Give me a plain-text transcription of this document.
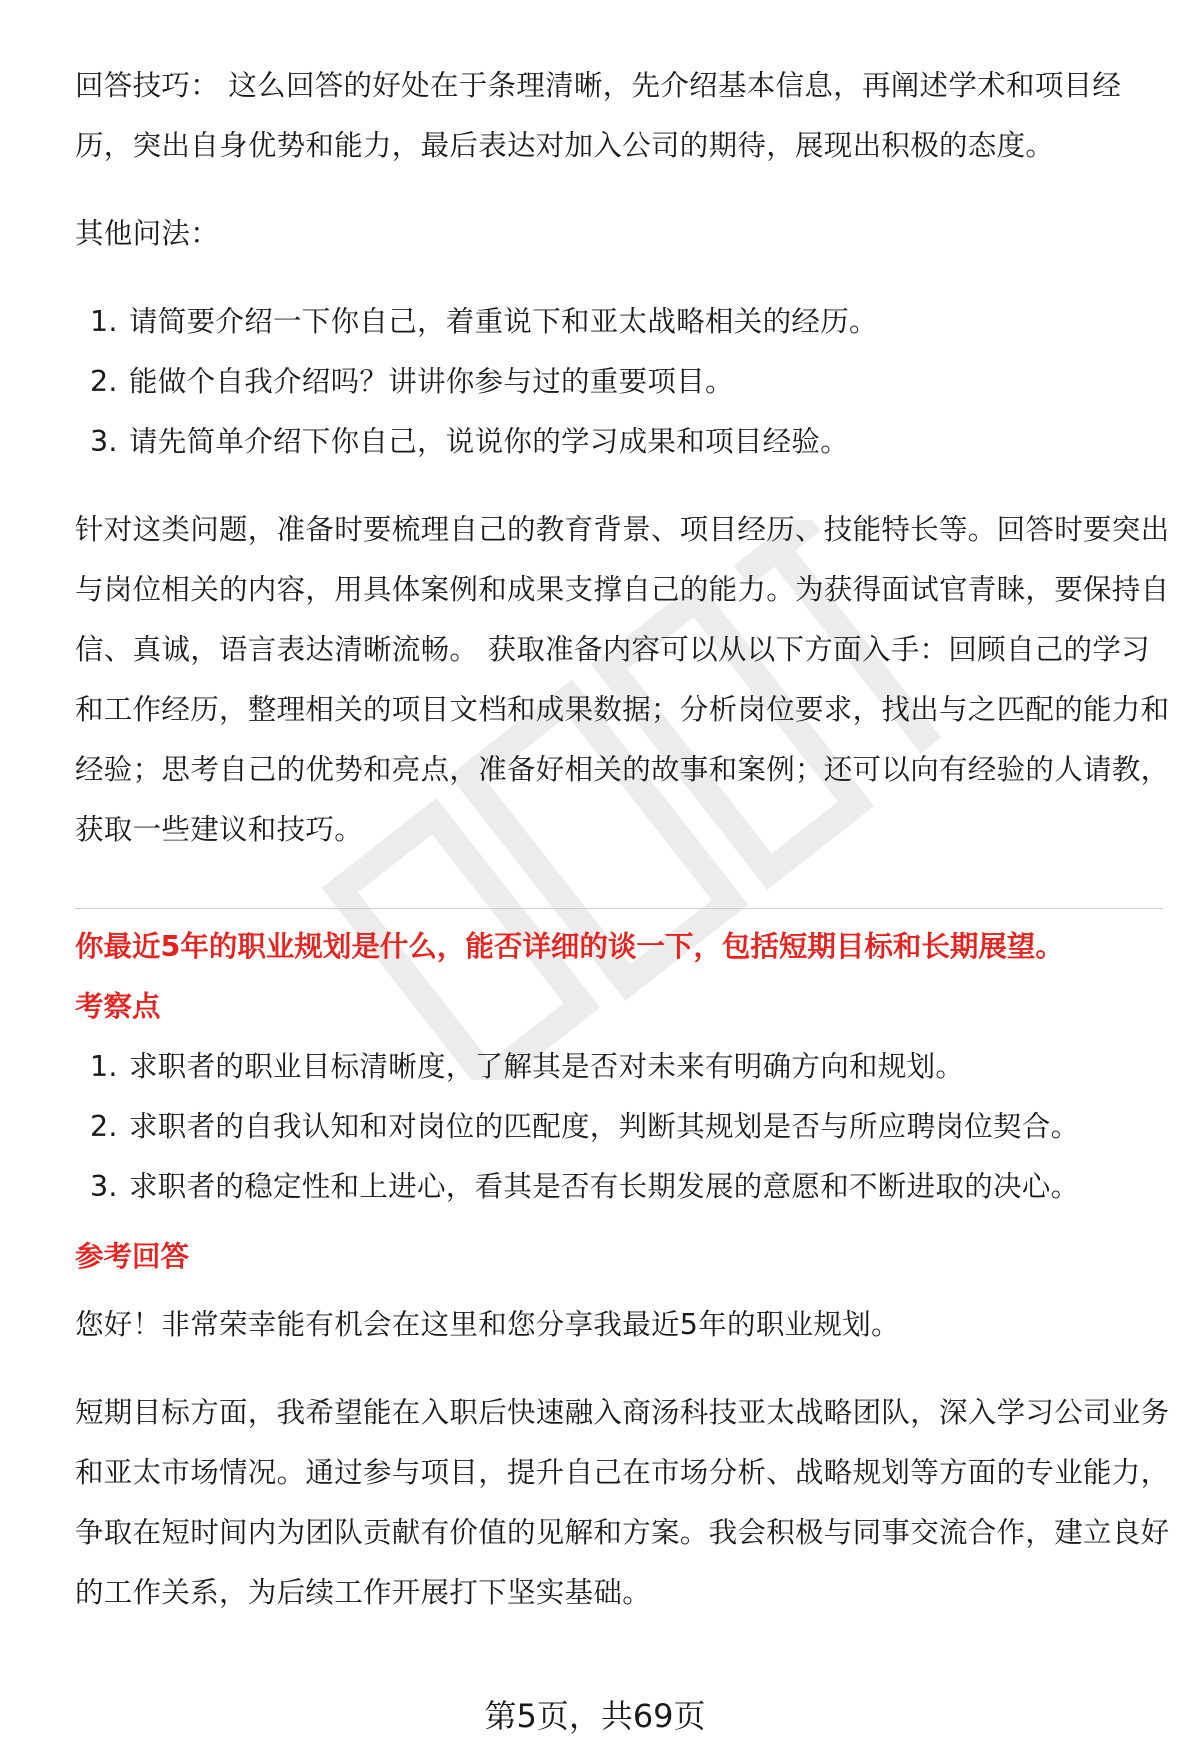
回答技巧： 这么回答的好处在于条理清晰，先介绍基本信息，再阐述学术和项目经历，突出自身优势和能力，最后表达对加入公司的期待，展现出积极的态度。

其他问法：

1. 请简要介绍一下你自己，着重说下和亚太战略相关的经历。
2. 能做个自我介绍吗？讲讲你参与过的重要项目。
3. 请先简单介绍下你自己，说说你的学习成果和项目经验。

针对这类问题，准备时要梳理自己的教育背景、项目经历、技能特长等。回答时要突出与岗位相关的内容，用具体案例和成果支撑自己的能力。为获得面试官青睐，要保持自信、真诚，语言表达清晰流畅。 获取准备内容可以从以下方面入手：回顾自己的学习和工作经历，整理相关的项目文档和成果数据；分析岗位要求，找出与之匹配的能力和经验；思考自己的优势和亮点，准备好相关的故事和案例；还可以向有经验的人请教，获取一些建议和技巧。

你最近5年的职业规划是什么，能否详细的谈一下，包括短期目标和长期展望。
考察点
1. 求职者的职业目标清晰度，了解其是否对未来有明确方向和规划。
2. 求职者的自我认知和对岗位的匹配度，判断其规划是否与所应聘岗位契合。
3. 求职者的稳定性和上进心，看其是否有长期发展的意愿和不断进取的决心。
参考回答

您好！非常荣幸能有机会在这里和您分享我最近5年的职业规划。

短期目标方面，我希望能在入职后快速融入商汤科技亚太战略团队，深入学习公司业务和亚太市场情况。通过参与项目，提升自己在市场分析、战略规划等方面的专业能力，争取在短时间内为团队贡献有价值的见解和方案。我会积极与同事交流合作，建立良好的工作关系，为后续工作开展打下坚实基础。

第5页，共69页
